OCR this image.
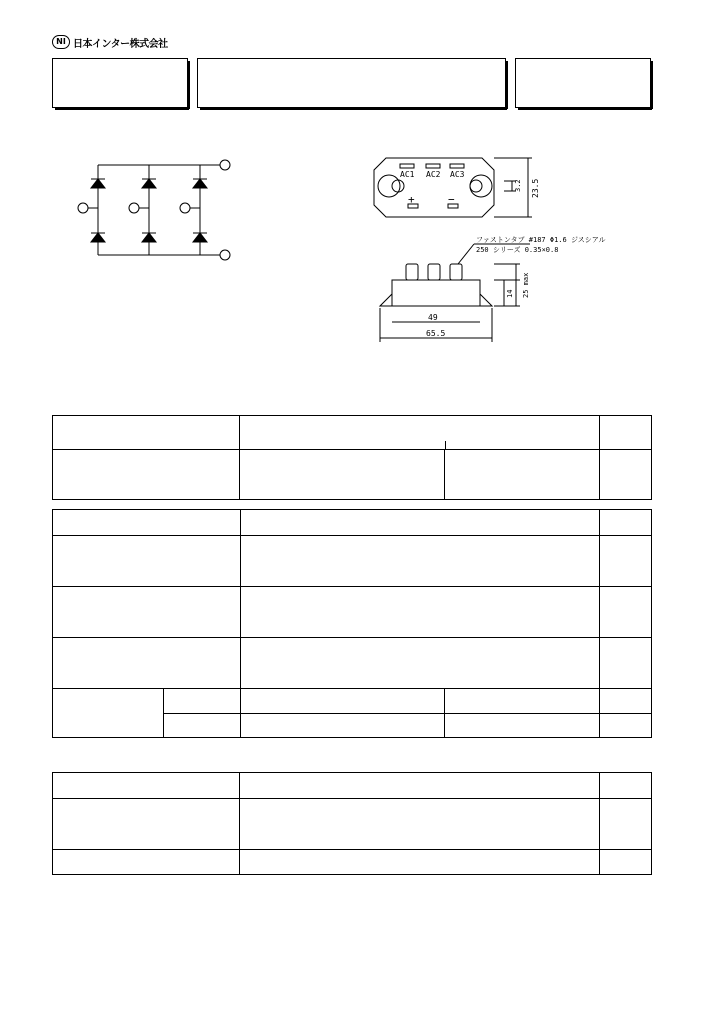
NI 日本インター株式会社
AC1 AC2 AC3
+	−
23.5
3.2
ファストンタブ #187 Φ1.6 ジスシアル
250 シリーズ 0.35×0.8
49
65.5
14 25 max
